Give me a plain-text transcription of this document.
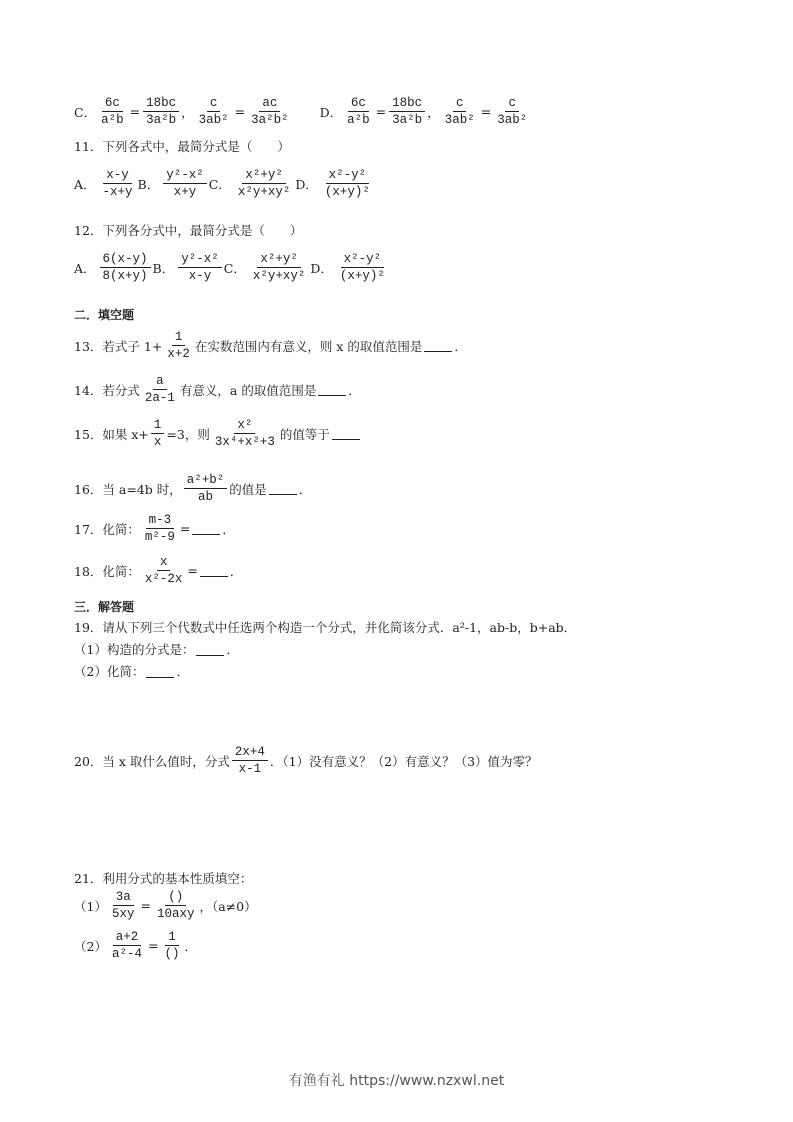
C． $\frac{6c}{\text{a²b}} = \frac{18bc}{\text{3a²b}}$ ， $\frac{c}{\text{3ab²}} = \frac{ac}{\text{3a²b²}}$ D． $\frac{6c}{\text{a²b}} = \frac{18bc}{\text{3a²b}}$ ， $\frac{c}{\text{3ab²}} = \frac{c}{\text{3ab²}}$
11．下列各式中，最简分式是（　　）
A． $\frac{x-y}{-x+y}$ B． $\frac{\text{y²-x²}}{x+y}$ C． $\frac{\text{x²+y²}}{\text{x²y+xy²}}$ D． $\frac{\text{x²-y²}}{\text{(x+y)²}}$
12．下列各分式中，最简分式是（　　）
A． $\frac{6(x-y)}{8(x+y)}$ B． $\frac{\text{y²-x²}}{x-y}$ C． $\frac{\text{x²+y²}}{\text{x²y+xy²}}$ D． $\frac{\text{x²-y²}}{\text{(x+y)²}}$
二．填空题
13．若式子 $1+ \frac{1}{x+2}$ 在实数范围内有意义，则 x 的取值范围是	．
14．若分式 $\frac{a}{2a-1}$ 有意义，a 的取值范围是	．
15．如果 $x+ \frac{1}{x} =3$，则 $\frac{\text{x²}}{\text{3x⁴+x²+3}}$ 的值等于
16．当 a=4b 时， $\frac{\text{a²+b²}}{ab}$ 的值是	．
17．化简： $\frac{m-3}{\text{m²-9}}$ =	．
18．化简： $\frac{x}{\text{x²-2x}}$ =	．
三．解答题
19．请从下列三个代数式中任选两个构造一个分式，并化简该分式．a²-1，ab-b，b+ab．
（1）构造的分式是：	．
（2）化简：	．
20．当 x 取什么值时，分式 $\frac{2x+4}{x-1}$ ．（1）没有意义？（2）有意义？（3）值为零？
21．利用分式的基本性质填空：
$(1) \frac{3a}{5xy} = \frac{()}{\text{10axy}}$ ，（a≠0）
$(2) \frac{a+2}{\text{a²-4}} = \frac{1}{()}$ ．
有渔有礼 https://www.nzxwl.net
